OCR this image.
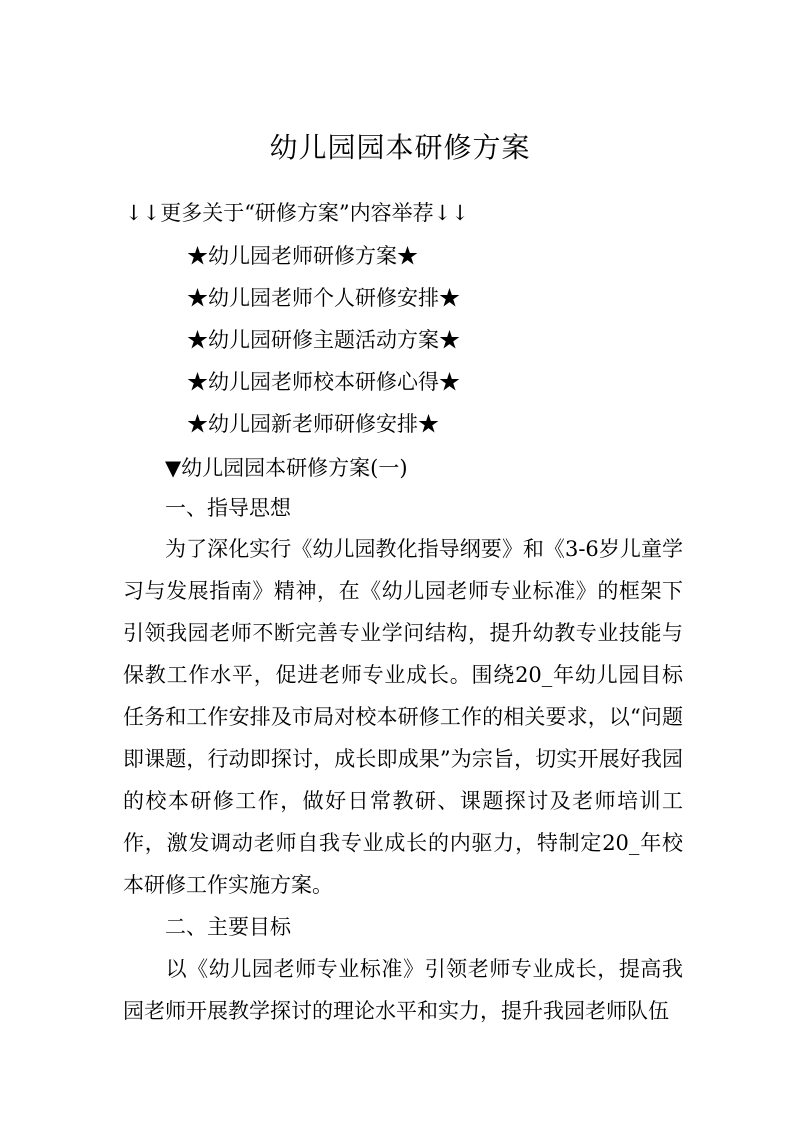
幼儿园园本研修方案
↓↓更多关于“研修方案”内容举荐↓↓
★幼儿园老师研修方案★
★幼儿园老师个人研修安排★
★幼儿园研修主题活动方案★
★幼儿园老师校本研修心得★
★幼儿园新老师研修安排★
▼幼儿园园本研修方案(一)
一、指导思想
为了深化实行《幼儿园教化指导纲要》和《3-6岁儿童学习与发展指南》精神，在《幼儿园老师专业标准》的框架下引领我园老师不断完善专业学问结构，提升幼教专业技能与保教工作水平，促进老师专业成长。围绕20_年幼儿园目标任务和工作安排及市局对校本研修工作的相关要求，以“问题即课题，行动即探讨，成长即成果”为宗旨，切实开展好我园的校本研修工作，做好日常教研、课题探讨及老师培训工作，激发调动老师自我专业成长的内驱力，特制定20_年校本研修工作实施方案。
二、主要目标
以《幼儿园老师专业标准》引领老师专业成长，提高我园老师开展教学探讨的理论水平和实力，提升我园老师队伍
